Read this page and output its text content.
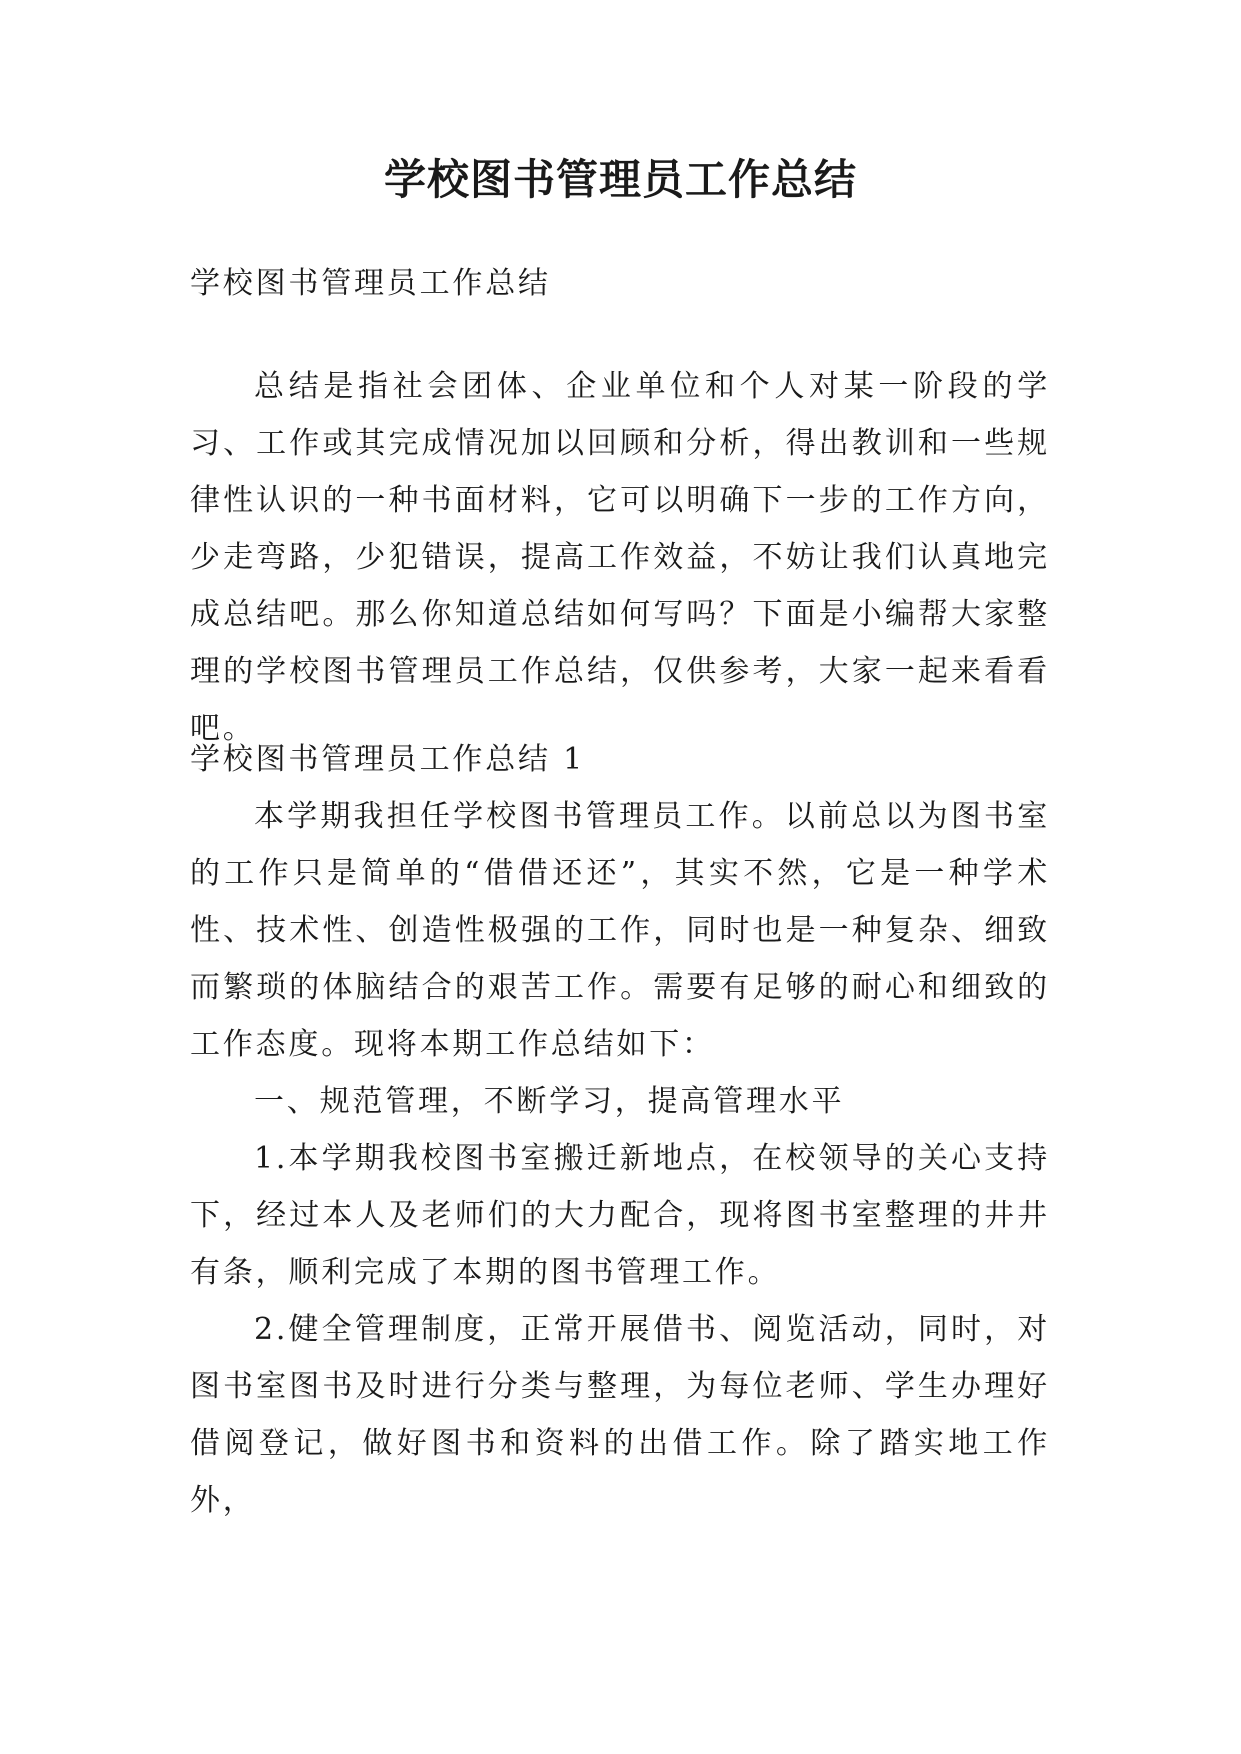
学校图书管理员工作总结

学校图书管理员工作总结

总结是指社会团体、企业单位和个人对某一阶段的学习、工作或其完成情况加以回顾和分析，得出教训和一些规律性认识的一种书面材料，它可以明确下一步的工作方向，少走弯路，少犯错误，提高工作效益，不妨让我们认真地完成总结吧。那么你知道总结如何写吗？下面是小编帮大家整理的学校图书管理员工作总结，仅供参考，大家一起来看看吧。

学校图书管理员工作总结 1

本学期我担任学校图书管理员工作。以前总以为图书室的工作只是简单的“借借还还”，其实不然，它是一种学术性、技术性、创造性极强的工作，同时也是一种复杂、细致而繁琐的体脑结合的艰苦工作。需要有足够的耐心和细致的工作态度。现将本期工作总结如下：

一、规范管理，不断学习，提高管理水平

1.本学期我校图书室搬迁新地点，在校领导的关心支持下，经过本人及老师们的大力配合，现将图书室整理的井井有条，顺利完成了本期的图书管理工作。

2.健全管理制度，正常开展借书、阅览活动，同时，对图书室图书及时进行分类与整理，为每位老师、学生办理好借阅登记，做好图书和资料的出借工作。除了踏实地工作外，
